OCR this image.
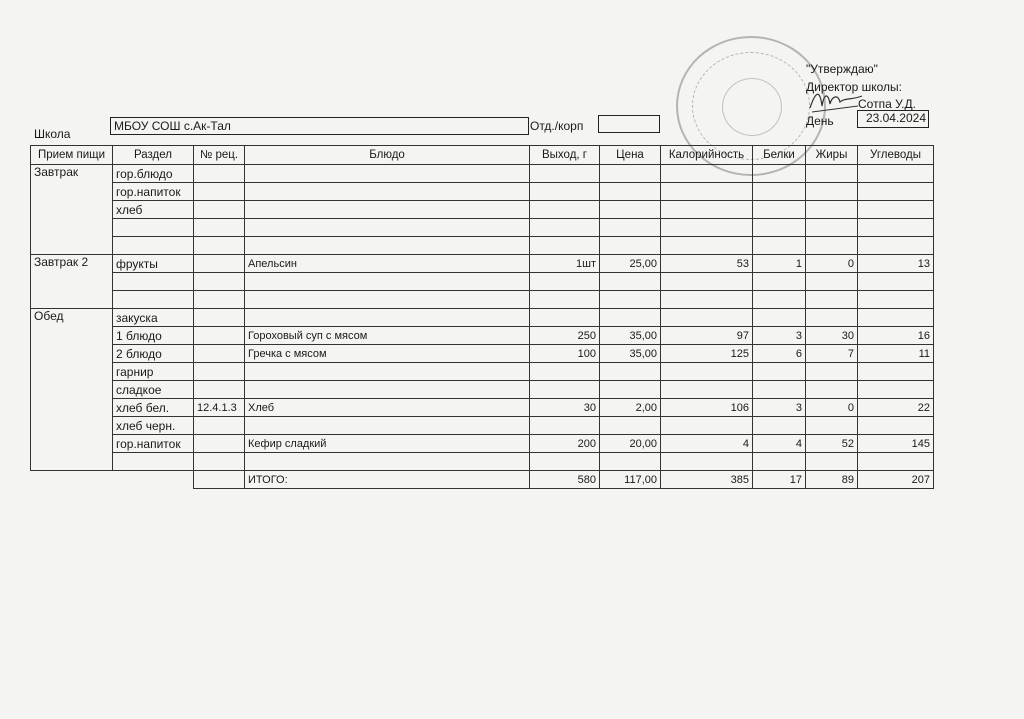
"Утверждаю"
Директор школы:
Сотпа У.Д.
День	23.04.2024
Школа
МБОУ СОШ с.Ак-Тал	Отд./корп
Прием пищи	Раздел	№ рец.	Блюдо	Выход, г	Цена	Калорийность	Белки	Жиры	Углеводы
Завтрак	гор.блюдо								
	гор.напиток								
	хлеб								

Завтрак 2	фрукты		Апельсин	1шт	25,00	53	1	0	13

Обед	закуска								
	1 блюдо		Гороховый суп с мясом	250	35,00	97	3	30	16
	2 блюдо		Гречка с мясом	100	35,00	125	6	7	11
	гарнир								
	сладкое								
	хлеб бел.	12.4.1.3	Хлеб	30	2,00	106	3	0	22
	хлеб черн.								
	гор.напиток		Кефир сладкий	200	20,00	4	4	52	145

			ИТОГО:	580	117,00	385	17	89	207
